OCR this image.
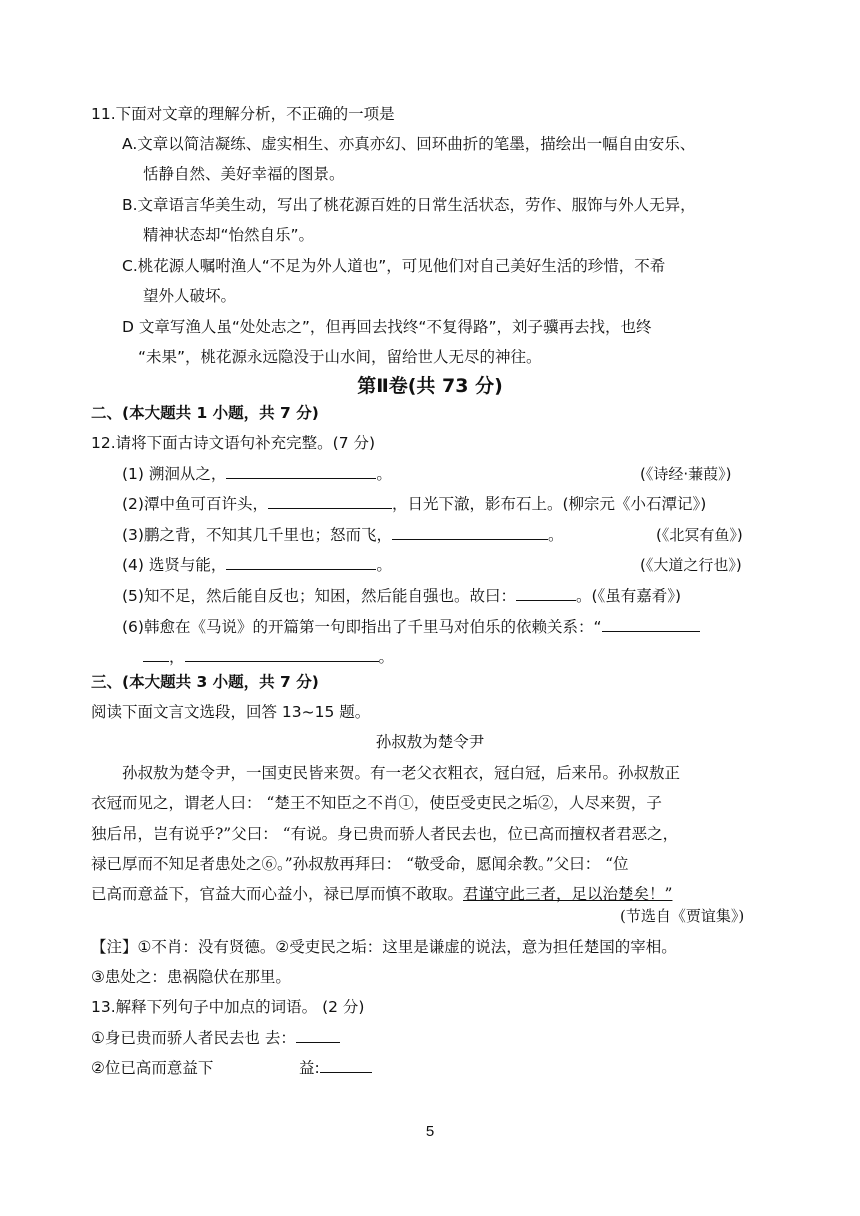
11.下面对文章的理解分析，不正确的一项是
A.文章以简洁凝练、虚实相生、亦真亦幻、回环曲折的笔墨，描绘出一幅自由安乐、
恬静自然、美好幸福的图景。
B.文章语言华美生动，写出了桃花源百姓的日常生活状态，劳作、服饰与外人无异，
精神状态却“怡然自乐”。
C.桃花源人嘱咐渔人“不足为外人道也”，可见他们对自己美好生活的珍惜，不希
望外人破坏。
D 文章写渔人虽“处处志之”，但再回去找终“不复得路”，刘子骥再去找，也终
“未果”，桃花源永远隐没于山水间，留给世人无尽的神往。
第Ⅱ卷(共 73 分)
二、(本大题共 1 小题，共 7 分)
12.请将下面古诗文语句补充完整。(7 分)
(1) 溯洄从之，	。	(《诗经·蒹葭》)
(2)潭中鱼可百许头，	，日光下澈，影布石上。(柳宗元《小石潭记》)
(3)鹏之背，不知其几千里也；怒而飞，	。	(《北冥有鱼》)
(4) 选贤与能，	。	(《大道之行也》)
(5)知不足，然后能自反也；知困，然后能自强也。故曰：	。(《虽有嘉肴》)
(6)韩愈在《马说》的开篇第一句即指出了千里马对伯乐的依赖关系：“
，	。
三、(本大题共 3 小题，共 7 分)
阅读下面文言文选段，回答 13~15 题。
孙叔敖为楚令尹
孙叔敖为楚令尹，一国吏民皆来贺。有一老父衣粗衣，冠白冠，后来吊。孙叔敖正
衣冠而见之，谓老人曰： “楚王不知臣之不肖①，使臣受吏民之垢②，人尽来贺，子
独后吊，岂有说乎?”父曰： “有说。身已贵而骄人者民去也，位已高而擅权者君恶之，
禄已厚而不知足者患处之⑥。”孙叔敖再拜曰： “敬受命，愿闻余教。”父曰： “位
已高而意益下，官益大而心益小，禄已厚而慎不敢取。君谨守此三者，足以治楚矣！”
(节选自《贾谊集》)
【注】①不肖：没有贤德。②受吏民之垢：这里是谦虚的说法，意为担任楚国的宰相。
③患处之：患祸隐伏在那里。
13.解释下列句子中加点的词语。 (2 分)
①身已贵而骄人者民去也 去：
②位已高而意益下	益:
5
